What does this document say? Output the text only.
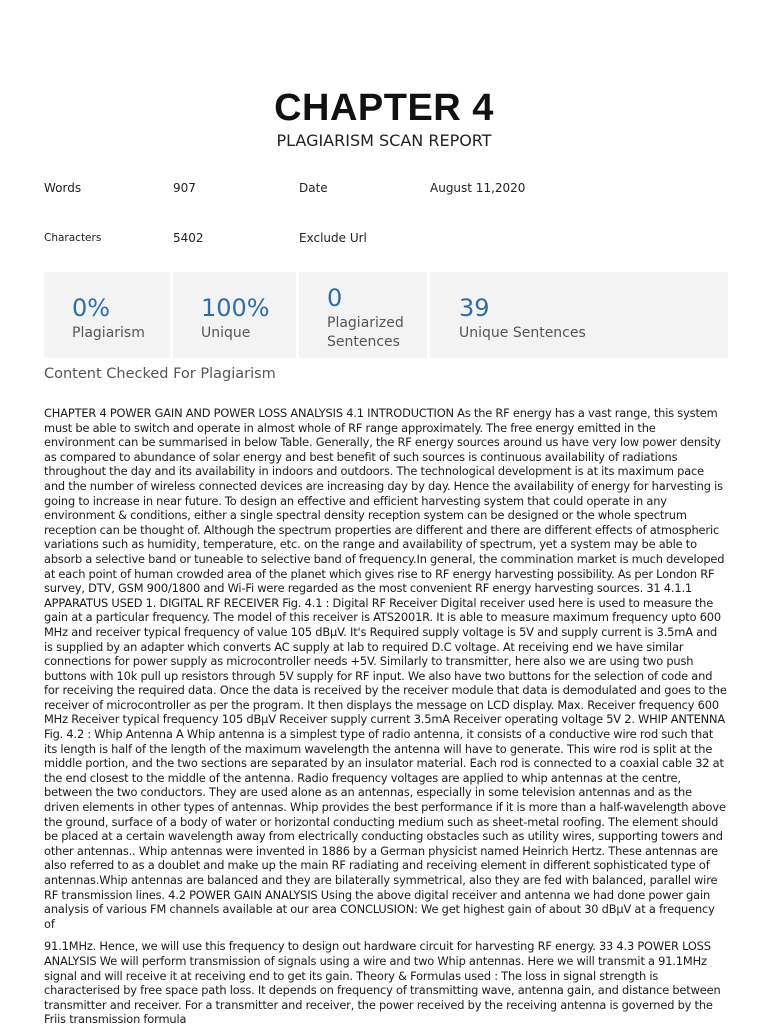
CHAPTER 4
PLAGIARISM SCAN REPORT
Words	907	Date	August 11,2020
Characters	5402	Exclude Url
0%
Plagiarism
100%
Unique
0
Plagiarized Sentences
39
Unique Sentences
Content Checked For Plagiarism

CHAPTER 4 POWER GAIN AND POWER LOSS ANALYSIS 4.1 INTRODUCTION As the RF energy has a vast range, this system must be able to switch and operate in almost whole of RF range approximately. The free energy emitted in the environment can be summarised in below Table. Generally, the RF energy sources around us have very low power density as compared to abundance of solar energy and best benefit of such sources is continuous availability of radiations throughout the day and its availability in indoors and outdoors. The technological development is at its maximum pace and the number of wireless connected devices are increasing day by day. Hence the availability of energy for harvesting is going to increase in near future. To design an effective and efficient harvesting system that could operate in any environment & conditions, either a single spectral density reception system can be designed or the whole spectrum reception can be thought of. Although the spectrum properties are different and there are different effects of atmospheric variations such as humidity, temperature, etc. on the range and availability of spectrum, yet a system may be able to absorb a selective band or tuneable to selective band of frequency.In general, the commination market is much developed at each point of human crowded area of the planet which gives rise to RF energy harvesting possibility. As per London RF survey, DTV, GSM 900/1800 and Wi-Fi were regarded as the most convenient RF energy harvesting sources. 31 4.1.1 APPARATUS USED 1. DIGITAL RF RECEIVER Fig. 4.1 : Digital RF Receiver Digital receiver used here is used to measure the gain at a particular frequency. The model of this receiver is ATS2001R. It is able to measure maximum frequency upto 600 MHz and receiver typical frequency of value 105 dBμV. It's Required supply voltage is 5V and supply current is 3.5mA and is supplied by an adapter which converts AC supply at lab to required D.C voltage. At receiving end we have similar connections for power supply as microcontroller needs +5V. Similarly to transmitter, here also we are using two push buttons with 10k pull up resistors through 5V supply for RF input. We also have two buttons for the selection of code and for receiving the required data. Once the data is received by the receiver module that data is demodulated and goes to the receiver of microcontroller as per the program. It then displays the message on LCD display. Max. Receiver frequency 600 MHz Receiver typical frequency 105 dBμV Receiver supply current 3.5mA Receiver operating voltage 5V 2. WHIP ANTENNA Fig. 4.2 : Whip Antenna A Whip antenna is a simplest type of radio antenna, it consists of a conductive wire rod such that its length is half of the length of the maximum wavelength the antenna will have to generate. This wire rod is split at the middle portion, and the two sections are separated by an insulator material. Each rod is connected to a coaxial cable 32 at the end closest to the middle of the antenna. Radio frequency voltages are applied to whip antennas at the centre, between the two conductors. They are used alone as an antennas, especially in some television antennas and as the driven elements in other types of antennas. Whip provides the best performance if it is more than a half-wavelength above the ground, surface of a body of water or horizontal conducting medium such as sheet-metal roofing. The element should be placed at a certain wavelength away from electrically conducting obstacles such as utility wires, supporting towers and other antennas.. Whip antennas were invented in 1886 by a German physicist named Heinrich Hertz. These antennas are also referred to as a doublet and make up the main RF radiating and receiving element in different sophisticated type of antennas.Whip antennas are balanced and they are bilaterally symmetrical, also they are fed with balanced, parallel wire RF transmission lines. 4.2 POWER GAIN ANALYSIS Using the above digital receiver and antenna we had done power gain analysis of various FM channels available at our area CONCLUSION: We get highest gain of about 30 dBμV at a frequency of

91.1MHz. Hence, we will use this frequency to design out hardware circuit for harvesting RF energy. 33 4.3 POWER LOSS ANALYSIS We will perform transmission of signals using a wire and two Whip antennas. Here we will transmit a 91.1MHz signal and will receive it at receiving end to get its gain. Theory & Formulas used : The loss in signal strength is characterised by free space path loss. It depends on frequency of transmitting wave, antenna gain, and distance between transmitter and receiver. For a transmitter and receiver, the power received by the receiving antenna is governed by the Friis transmission formula
